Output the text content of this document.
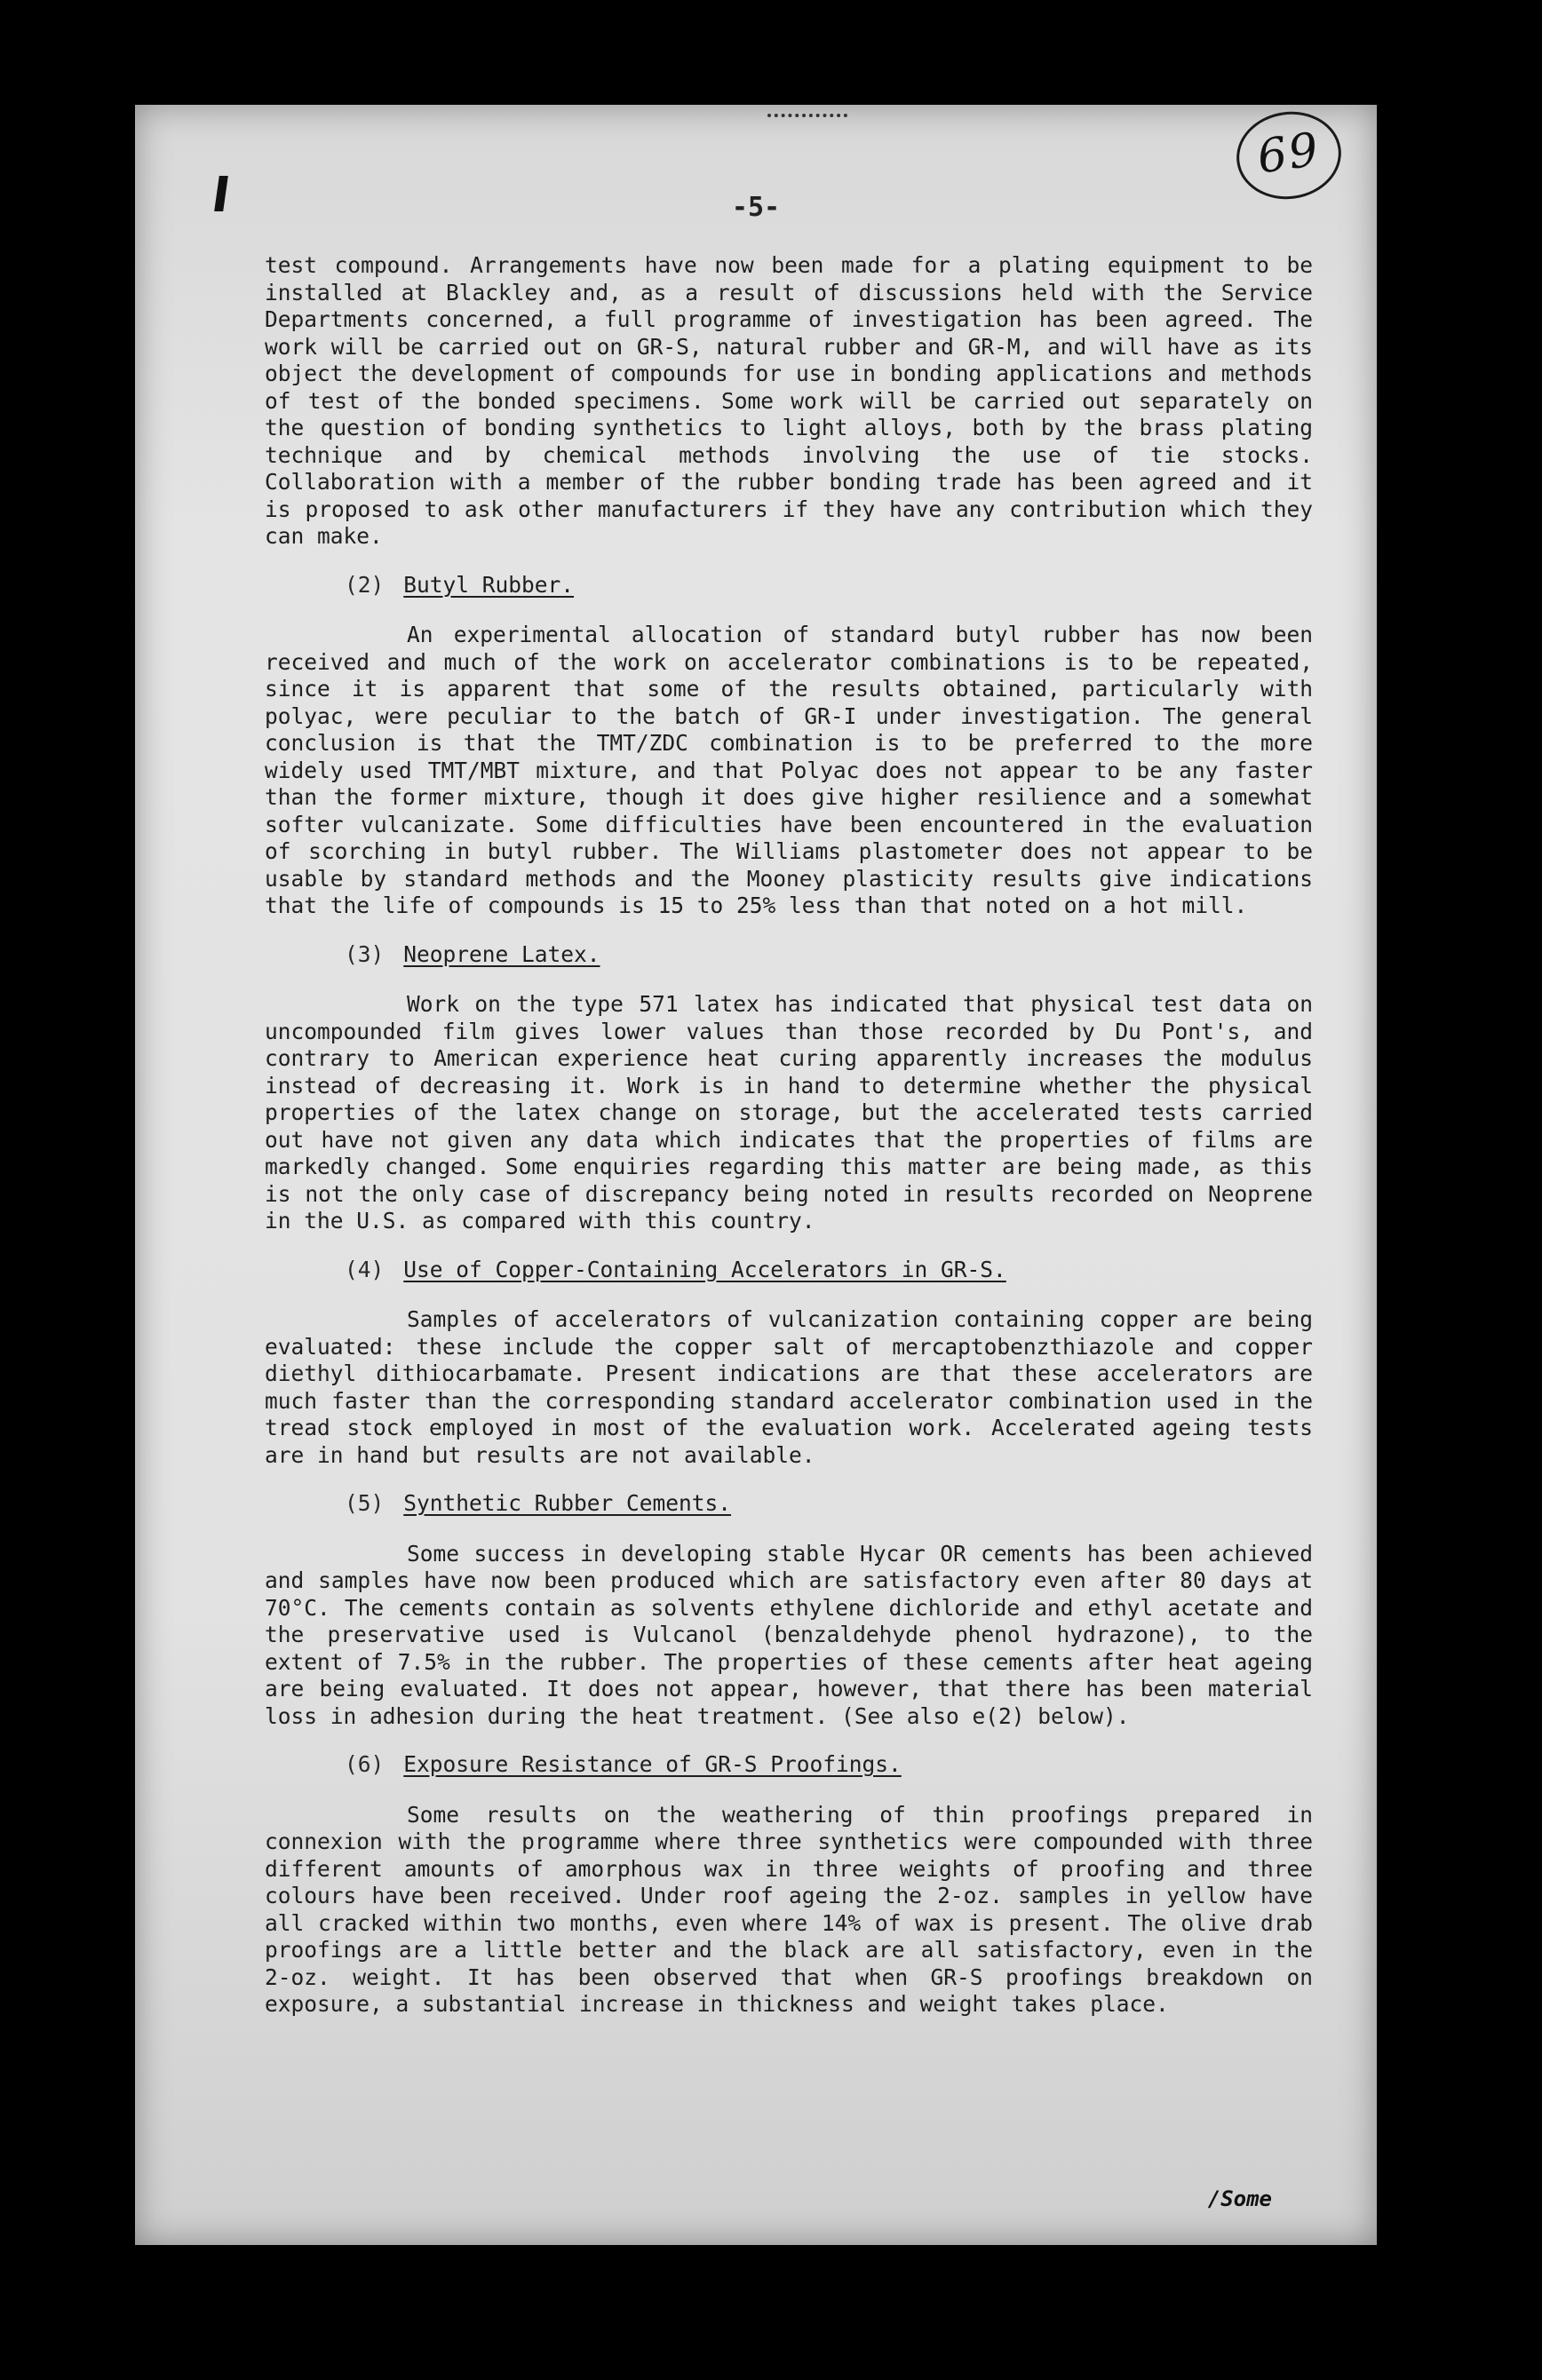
69
-5-

test compound. Arrangements have now been made for a plating equipment to be installed at Blackley and, as a result of discussions held with the Service Departments concerned, a full programme of investigation has been agreed. The work will be carried out on GR-S, natural rubber and GR-M, and will have as its object the development of compounds for use in bonding applications and methods of test of the bonded specimens. Some work will be carried out separately on the question of bonding synthetics to light alloys, both by the brass plating technique and by chemical methods involving the use of tie stocks. Collaboration with a member of the rubber bonding trade has been agreed and it is proposed to ask other manufacturers if they have any contribution which they can make.

(2) Butyl Rubber.

An experimental allocation of standard butyl rubber has now been received and much of the work on accelerator combinations is to be repeated, since it is apparent that some of the results obtained, particularly with polyac, were peculiar to the batch of GR-I under investigation. The general conclusion is that the TMT/ZDC combination is to be preferred to the more widely used TMT/MBT mixture, and that Polyac does not appear to be any faster than the former mixture, though it does give higher resilience and a somewhat softer vulcanizate. Some difficulties have been encountered in the evaluation of scorching in butyl rubber. The Williams plastometer does not appear to be usable by standard methods and the Mooney plasticity results give indications that the life of compounds is 15 to 25% less than that noted on a hot mill.

(3) Neoprene Latex.

Work on the type 571 latex has indicated that physical test data on uncompounded film gives lower values than those recorded by Du Pont's, and contrary to American experience heat curing apparently increases the modulus instead of decreasing it. Work is in hand to determine whether the physical properties of the latex change on storage, but the accelerated tests carried out have not given any data which indicates that the properties of films are markedly changed. Some enquiries regarding this matter are being made, as this is not the only case of discrepancy being noted in results recorded on Neoprene in the U.S. as compared with this country.

(4) Use of Copper-Containing Accelerators in GR-S.

Samples of accelerators of vulcanization containing copper are being evaluated: these include the copper salt of mercaptobenzthiazole and copper diethyl dithiocarbamate. Present indications are that these accelerators are much faster than the corresponding standard accelerator combination used in the tread stock employed in most of the evaluation work. Accelerated ageing tests are in hand but results are not available.

(5) Synthetic Rubber Cements.

Some success in developing stable Hycar OR cements has been achieved and samples have now been produced which are satisfactory even after 80 days at 70°C. The cements contain as solvents ethylene dichloride and ethyl acetate and the preservative used is Vulcanol (benzaldehyde phenol hydrazone), to the extent of 7.5% in the rubber. The properties of these cements after heat ageing are being evaluated. It does not appear, however, that there has been material loss in adhesion during the heat treatment. (See also e(2) below).

(6) Exposure Resistance of GR-S Proofings.

Some results on the weathering of thin proofings prepared in connexion with the programme where three synthetics were compounded with three different amounts of amorphous wax in three weights of proofing and three colours have been received. Under roof ageing the 2-oz. samples in yellow have all cracked within two months, even where 14% of wax is present. The olive drab proofings are a little better and the black are all satisfactory, even in the 2-oz. weight. It has been observed that when GR-S proofings breakdown on exposure, a substantial increase in thickness and weight takes place.

/Some
